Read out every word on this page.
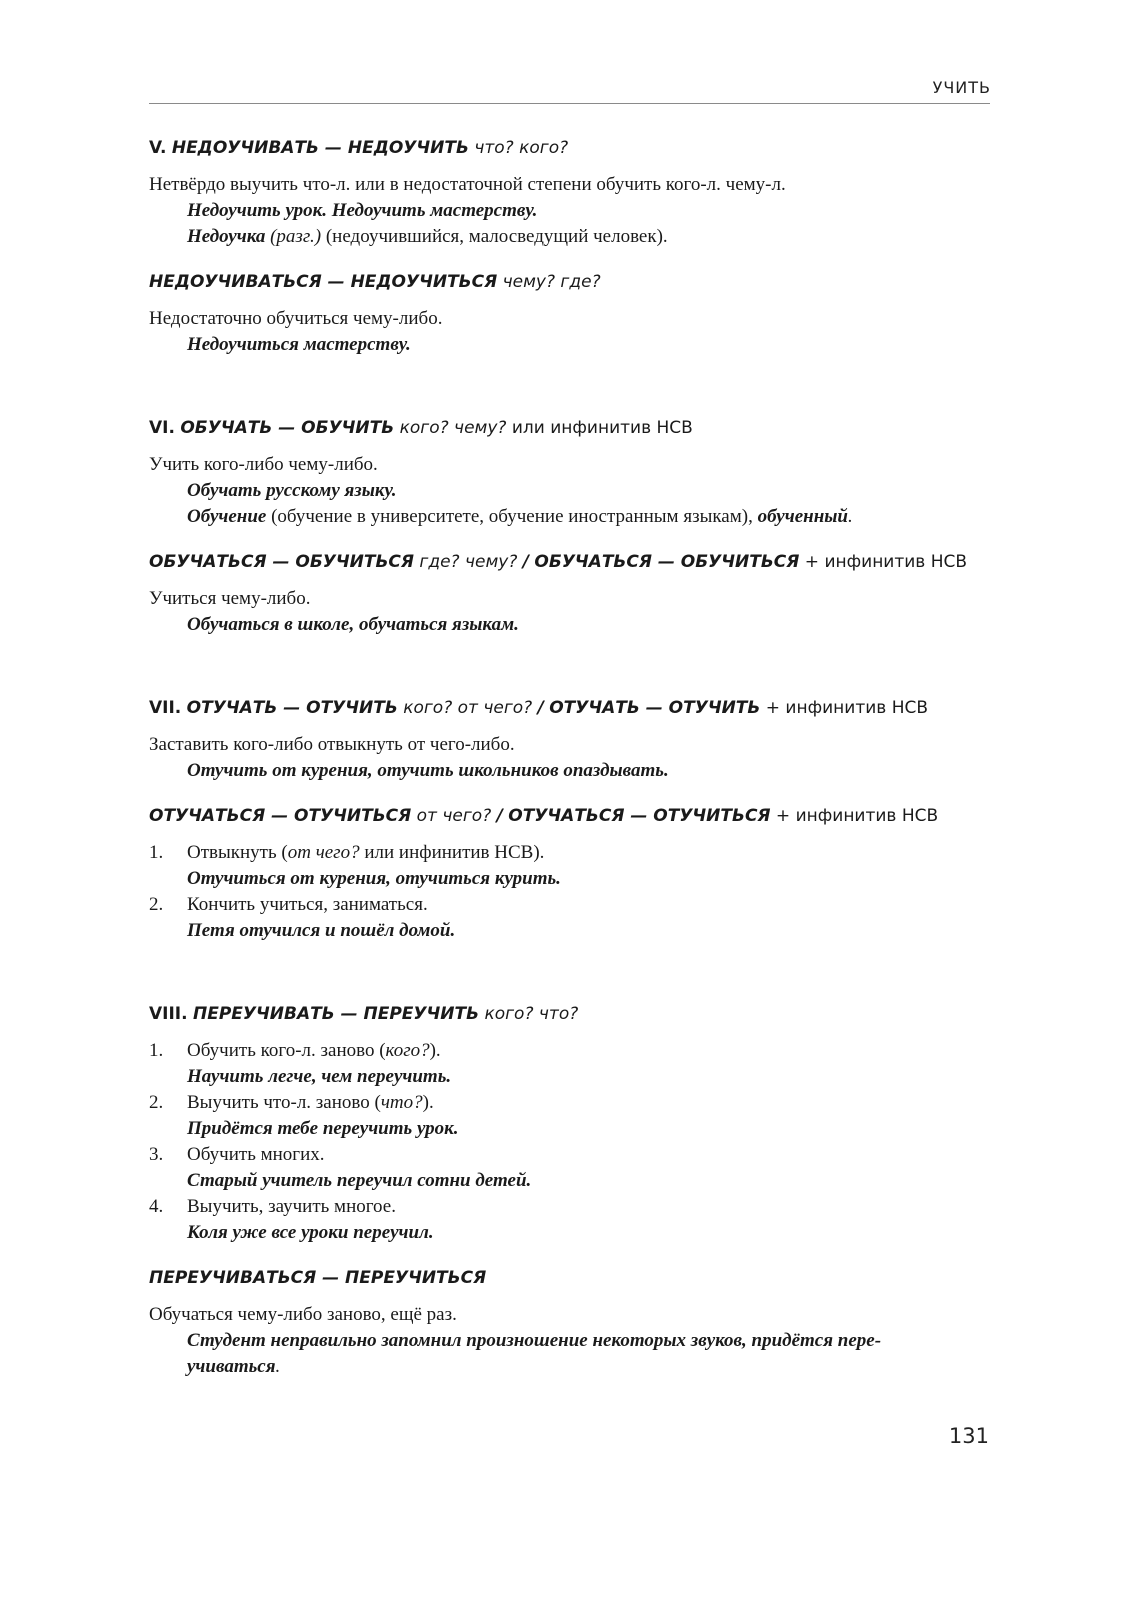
УЧИТЬ

V. НЕДОУЧИВАТЬ — НЕДОУЧИТЬ что? кого?

Нетвёрдо выучить что-л. или в недостаточной степени обучить кого-л. чему-л.
Недоучить урок. Недоучить мастерству.
Недоучка (разг.) (недоучившийся, малосведущий человек).

НЕДОУЧИВАТЬСЯ — НЕДОУЧИТЬСЯ чему? где?

Недостаточно обучиться чему-либо.
Недоучиться мастерству.

VI. ОБУЧАТЬ — ОБУЧИТЬ кого? чему? или инфинитив НСВ

Учить кого-либо чему-либо.
Обучать русскому языку.
Обучение (обучение в университете, обучение иностранным языкам), обученный.

ОБУЧАТЬСЯ — ОБУЧИТЬСЯ где? чему? / ОБУЧАТЬСЯ — ОБУЧИТЬСЯ + инфинитив НСВ

Учиться чему-либо.
Обучаться в школе, обучаться языкам.

VII. ОТУЧАТЬ — ОТУЧИТЬ кого? от чего? / ОТУЧАТЬ — ОТУЧИТЬ + инфинитив НСВ

Заставить кого-либо отвыкнуть от чего-либо.
Отучить от курения, отучить школьников опаздывать.

ОТУЧАТЬСЯ — ОТУЧИТЬСЯ от чего? / ОТУЧАТЬСЯ — ОТУЧИТЬСЯ + инфинитив НСВ

1.	Отвыкнуть (от чего? или инфинитив НСВ).
Отучиться от курения, отучиться курить.
2.	Кончить учиться, заниматься.
Петя отучился и пошёл домой.

VIII. ПЕРЕУЧИВАТЬ — ПЕРЕУЧИТЬ кого? что?

1.	Обучить кого-л. заново (кого?).
Научить легче, чем переучить.
2.	Выучить что-л. заново (что?).
Придётся тебе переучить урок.
3.	Обучить многих.
Старый учитель переучил сотни детей.
4.	Выучить, заучить многое.
Коля уже все уроки переучил.

ПЕРЕУЧИВАТЬСЯ — ПЕРЕУЧИТЬСЯ

Обучаться чему-либо заново, ещё раз.
Студент неправильно запомнил произношение некоторых звуков, придётся пере-
учиваться.
131
